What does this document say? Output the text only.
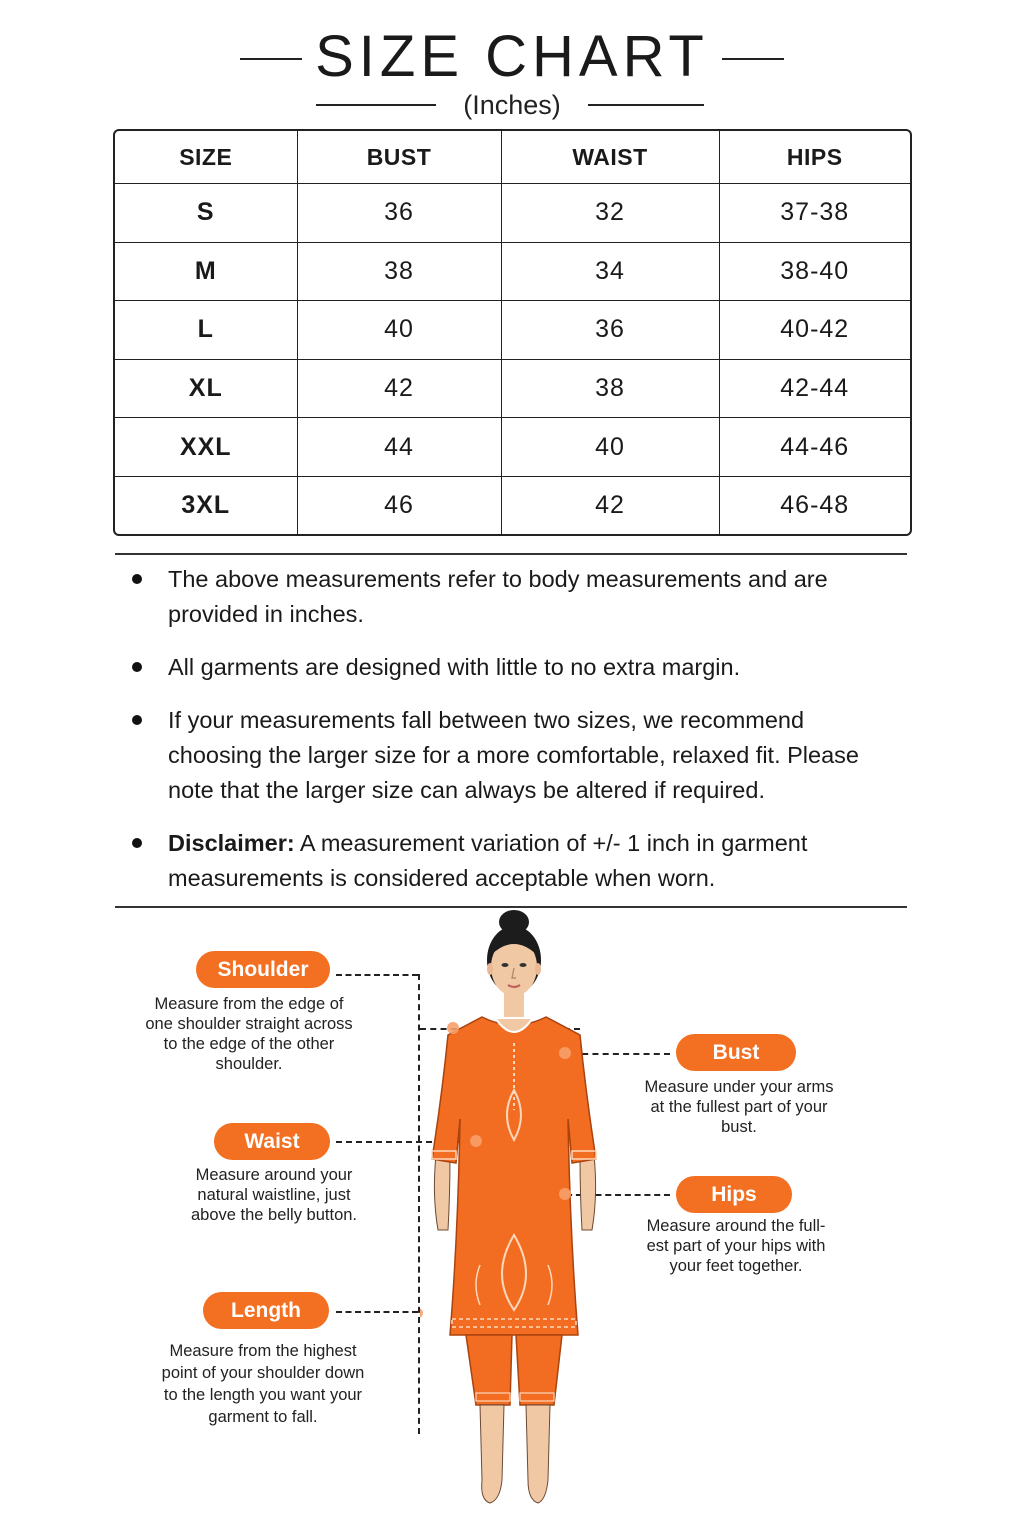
SIZE CHART
(Inches)
SIZE	BUST	WAIST	HIPS
S	36	32	37-38
M	38	34	38-40
L	40	36	40-42
XL	42	38	42-44
XXL	44	40	44-46
3XL	46	42	46-48
The above measurements refer to body measurements and are provided in inches.
All garments are designed with little to no extra margin.
If your measurements fall between two sizes, we recommend choosing the larger size for a more comfortable, relaxed fit. Please note that the larger size can always be altered if required.
Disclaimer: A measurement variation of +/- 1 inch in garment measurements is considered acceptable when worn.
Shoulder
Measure from the edge of one shoulder straight across to the edge of the other shoulder.
Waist
Measure around your natural waistline, just above the belly button.
Length
Measure from the highest point of your shoulder down to the length you want your garment to fall.
Bust
Measure under your arms at the fullest part of your bust.
Hips
Measure around the full-est part of your hips with your feet together.
